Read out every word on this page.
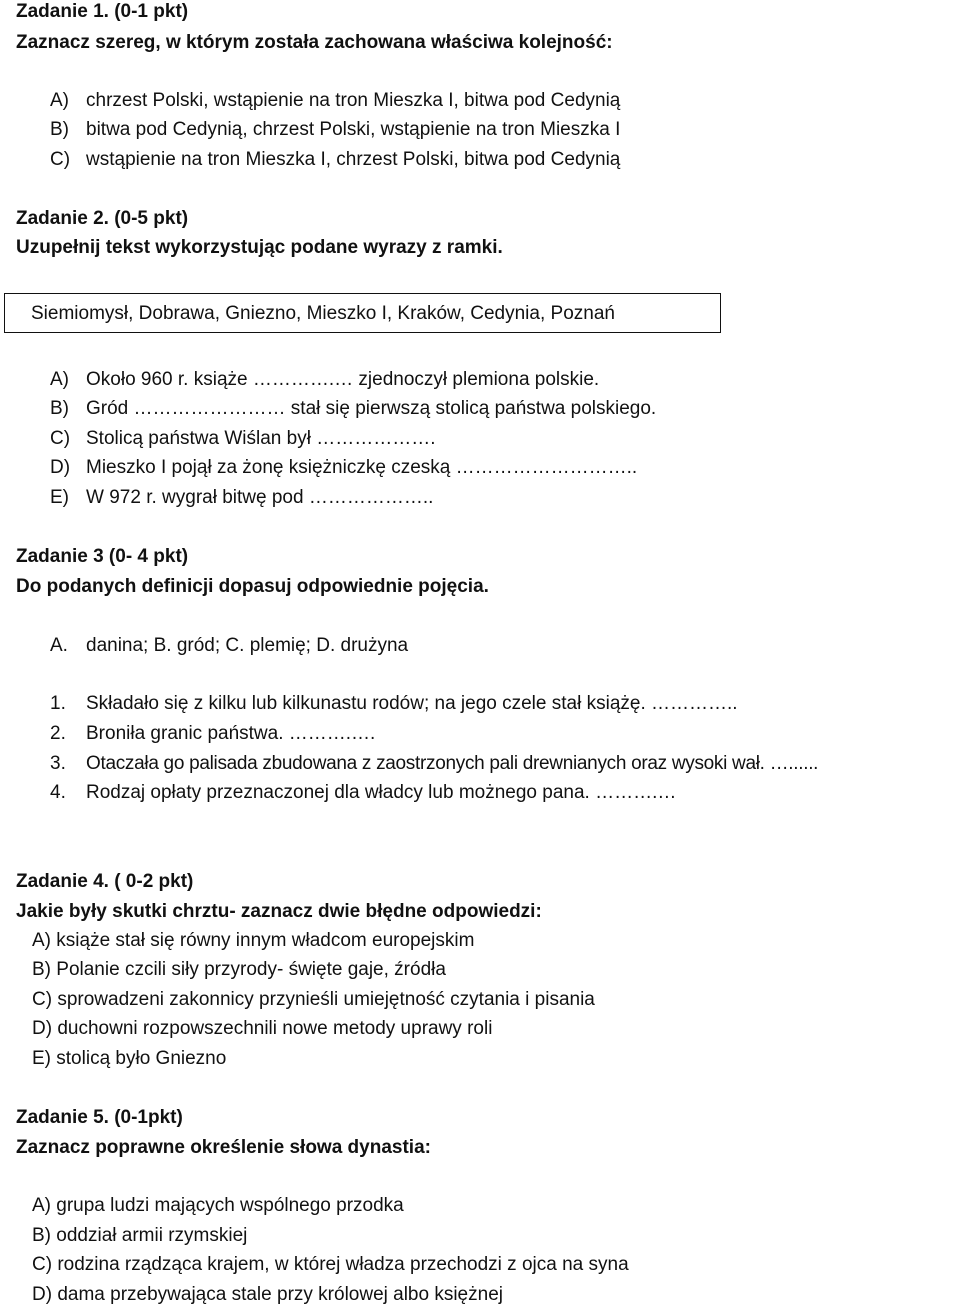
Zadanie 1. (0-1 pkt)
Zaznacz szereg, w którym została zachowana właściwa kolejność:
A) chrzest Polski, wstąpienie na tron Mieszka I, bitwa pod Cedynią
B) bitwa pod Cedynią, chrzest Polski, wstąpienie na tron Mieszka I
C) wstąpienie na tron Mieszka I, chrzest Polski, bitwa pod Cedynią
Zadanie 2. (0-5 pkt)
Uzupełnij tekst wykorzystując podane wyrazy z ramki.
Siemiomysł, Dobrawa, Gniezno, Mieszko I, Kraków, Cedynia, Poznań
A) Około 960 r. książe ………….… zjednoczył plemiona polskie.
B) Gród …………………… stał się pierwszą stolicą państwa polskiego.
C) Stolicą państwa Wiślan był ……………….
D) Mieszko I pojął za żonę księżniczkę czeską ………………………..
E) W 972 r. wygrał bitwę pod ………………..
Zadanie 3 (0- 4 pkt)
Do podanych definicji dopasuj odpowiednie pojęcia.
A. danina; B. gród; C. plemię; D. drużyna
1. Składało się z kilku lub kilkunastu rodów; na jego czele stał książę. …………..
2. Broniła granic państwa. ……….….
3. Otaczała go palisada zbudowana z zaostrzonych pali drewnianych oraz wysoki wał. …......
4. Rodzaj opłaty przeznaczonej dla władcy lub możnego pana. ……….…
Zadanie 4. ( 0-2 pkt)
Jakie były skutki chrztu- zaznacz dwie błędne odpowiedzi:
A) książe stał się równy innym władcom europejskim
B) Polanie czcili siły przyrody- święte gaje, źródła
C) sprowadzeni zakonnicy przynieśli umiejętność czytania i pisania
D) duchowni rozpowszechnili nowe metody uprawy roli
E) stolicą było Gniezno
Zadanie 5. (0-1pkt)
Zaznacz poprawne określenie słowa dynastia:
A) grupa ludzi mających wspólnego przodka
B) oddział armii rzymskiej
C) rodzina rządząca krajem, w której władza przechodzi z ojca na syna
D) dama przebywająca stale przy królowej albo księżnej
